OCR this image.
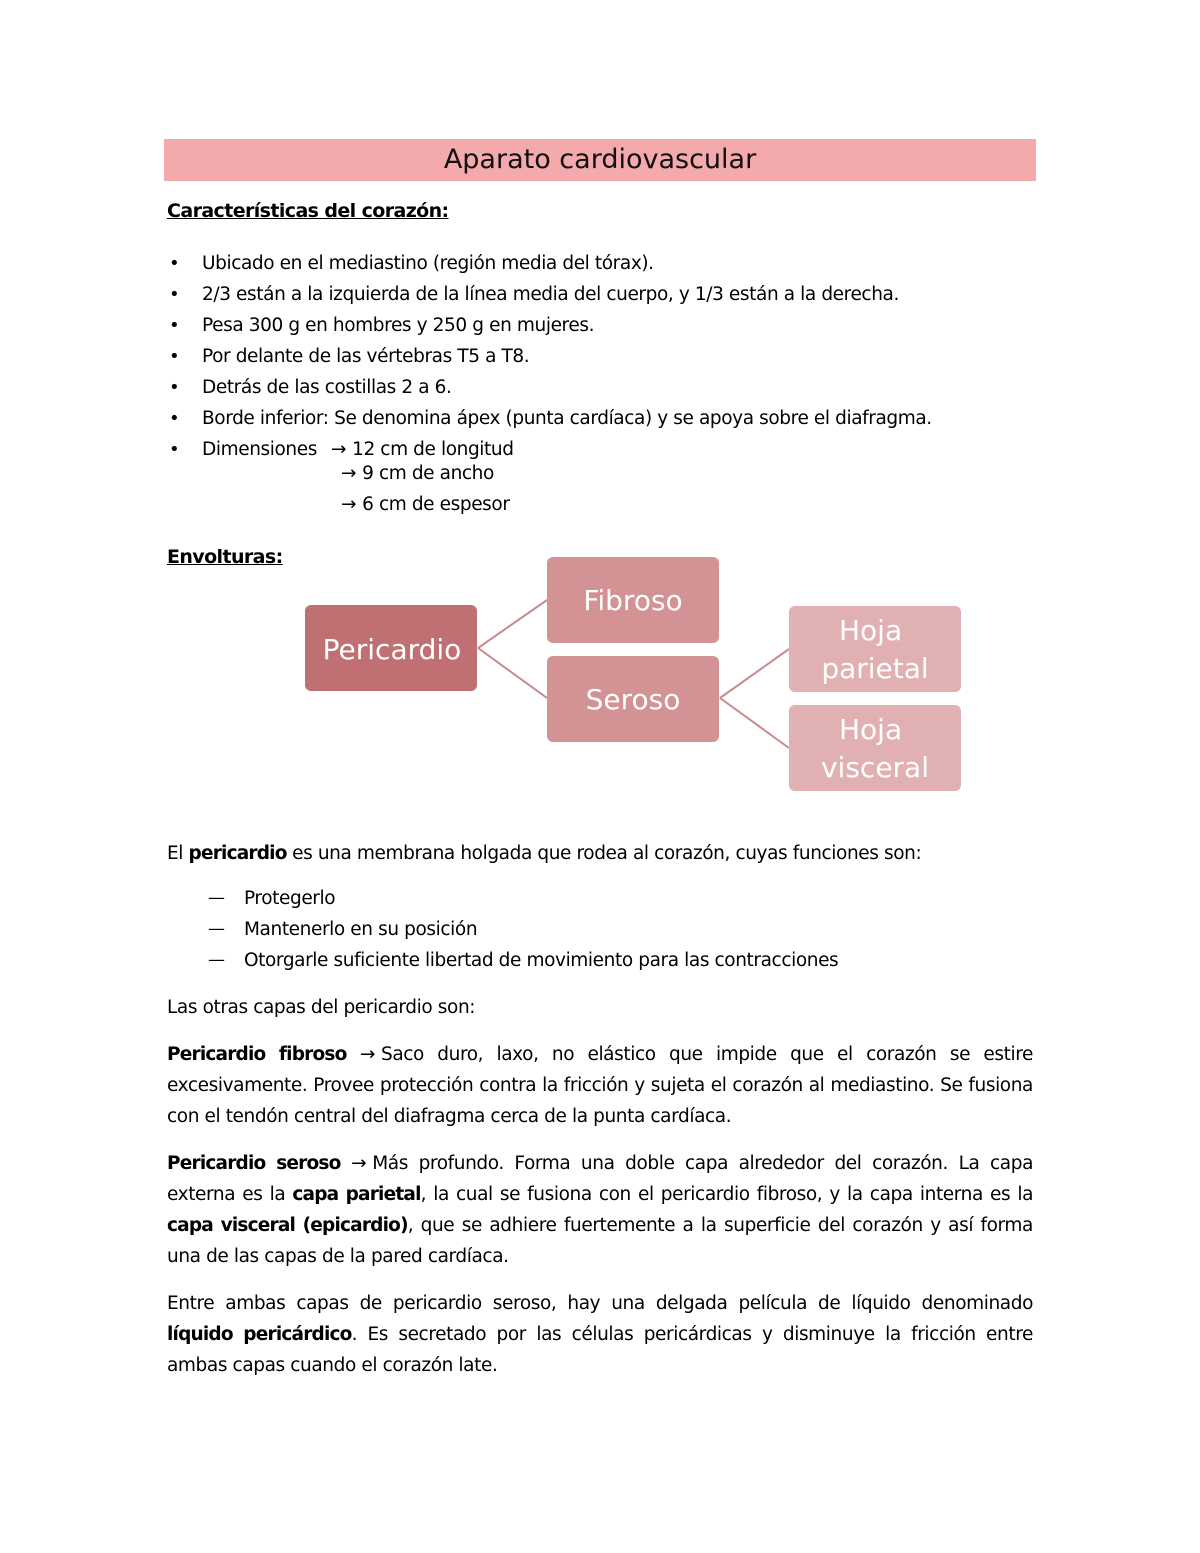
Aparato cardiovascular
Características del corazón:
• Ubicado en el mediastino (región media del tórax).
• 2/3 están a la izquierda de la línea media del cuerpo, y 1/3 están a la derecha.
• Pesa 300 g en hombres y 250 g en mujeres.
• Por delante de las vértebras T5 a T8.
• Detrás de las costillas 2 a 6.
• Borde inferior: Se denomina ápex (punta cardíaca) y se apoya sobre el diafragma.
• Dimensiones → 12 cm de longitud
→ 9 cm de ancho
→ 6 cm de espesor
Envolturas:
Pericardio
Fibroso
Seroso
Hoja parietal
Hoja visceral
El pericardio es una membrana holgada que rodea al corazón, cuyas funciones son:
— Protegerlo
— Mantenerlo en su posición
— Otorgarle suficiente libertad de movimiento para las contracciones
Las otras capas del pericardio son:
Pericardio fibroso → Saco duro, laxo, no elástico que impide que el corazón se estire excesivamente. Provee protección contra la fricción y sujeta el corazón al mediastino. Se fusiona con el tendón central del diafragma cerca de la punta cardíaca.
Pericardio seroso → Más profundo. Forma una doble capa alrededor del corazón. La capa externa es la capa parietal, la cual se fusiona con el pericardio fibroso, y la capa interna es la capa visceral (epicardio), que se adhiere fuertemente a la superficie del corazón y así forma una de las capas de la pared cardíaca.
Entre ambas capas de pericardio seroso, hay una delgada película de líquido denominado líquido pericárdico. Es secretado por las células pericárdicas y disminuye la fricción entre ambas capas cuando el corazón late.
